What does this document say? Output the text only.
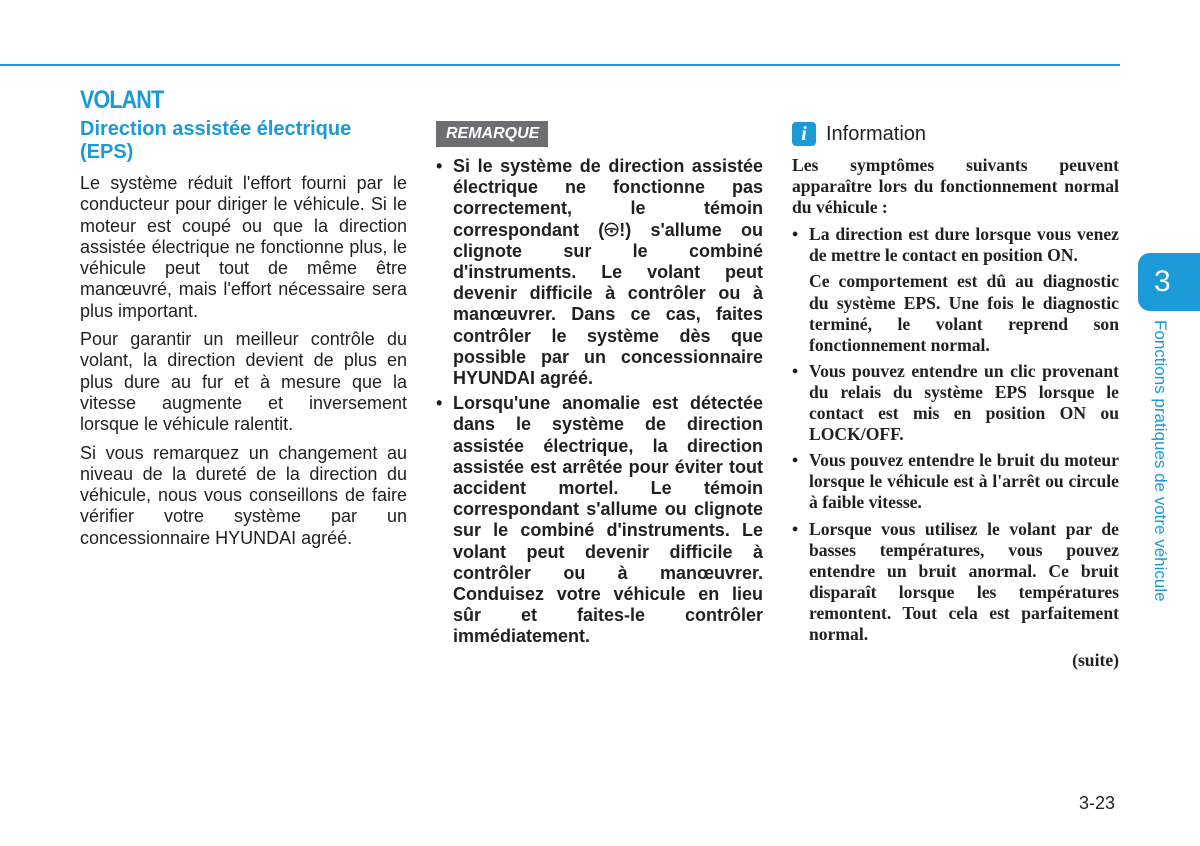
VOLANT
Direction assistée électrique (EPS)

Le système réduit l'effort fourni par le conducteur pour diriger le véhicule. Si le moteur est coupé ou que la direction assistée électrique ne fonctionne plus, le véhicule peut tout de même être manœuvré, mais l'effort nécessaire sera plus important.

Pour garantir un meilleur contrôle du volant, la direction devient de plus en plus dure au fur et à mesure que la vitesse augmente et inversement lorsque le véhicule ralentit.

Si vous remarquez un changement au niveau de la dureté de la direction du véhicule, nous vous conseillons de faire vérifier votre système par un concessionnaire HYUNDAI agréé.

REMARQUE
• Si le système de direction assistée électrique ne fonctionne pas correctement, le témoin correspondant ( !) s'allume ou clignote sur le combiné d'instruments. Le volant peut devenir difficile à contrôler ou à manœuvrer. Dans ce cas, faites contrôler le système dès que possible par un concessionnaire HYUNDAI agréé.
• Lorsqu'une anomalie est détectée dans le système de direction assistée électrique, la direction assistée est arrêtée pour éviter tout accident mortel. Le témoin correspondant s'allume ou clignote sur le combiné d'instruments. Le volant peut devenir difficile à contrôler ou à manœuvrer. Conduisez votre véhicule en lieu sûr et faites-le contrôler immédiatement.
i Information

Les symptômes suivants peuvent apparaître lors du fonctionnement normal du véhicule :

• La direction est dure lorsque vous venez de mettre le contact en position ON.

Ce comportement est dû au diagnostic du système EPS. Une fois le diagnostic terminé, le volant reprend son fonctionnement normal.

• Vous pouvez entendre un clic provenant du relais du système EPS lorsque le contact est mis en position ON ou LOCK/OFF.
• Vous pouvez entendre le bruit du moteur lorsque le véhicule est à l'arrêt ou circule à faible vitesse.
• Lorsque vous utilisez le volant par de basses températures, vous pouvez entendre un bruit anormal. Ce bruit disparaît lorsque les températures remontent. Tout cela est parfaitement normal.

(suite)

3
Fonctions pratiques de votre véhicule
3-23
